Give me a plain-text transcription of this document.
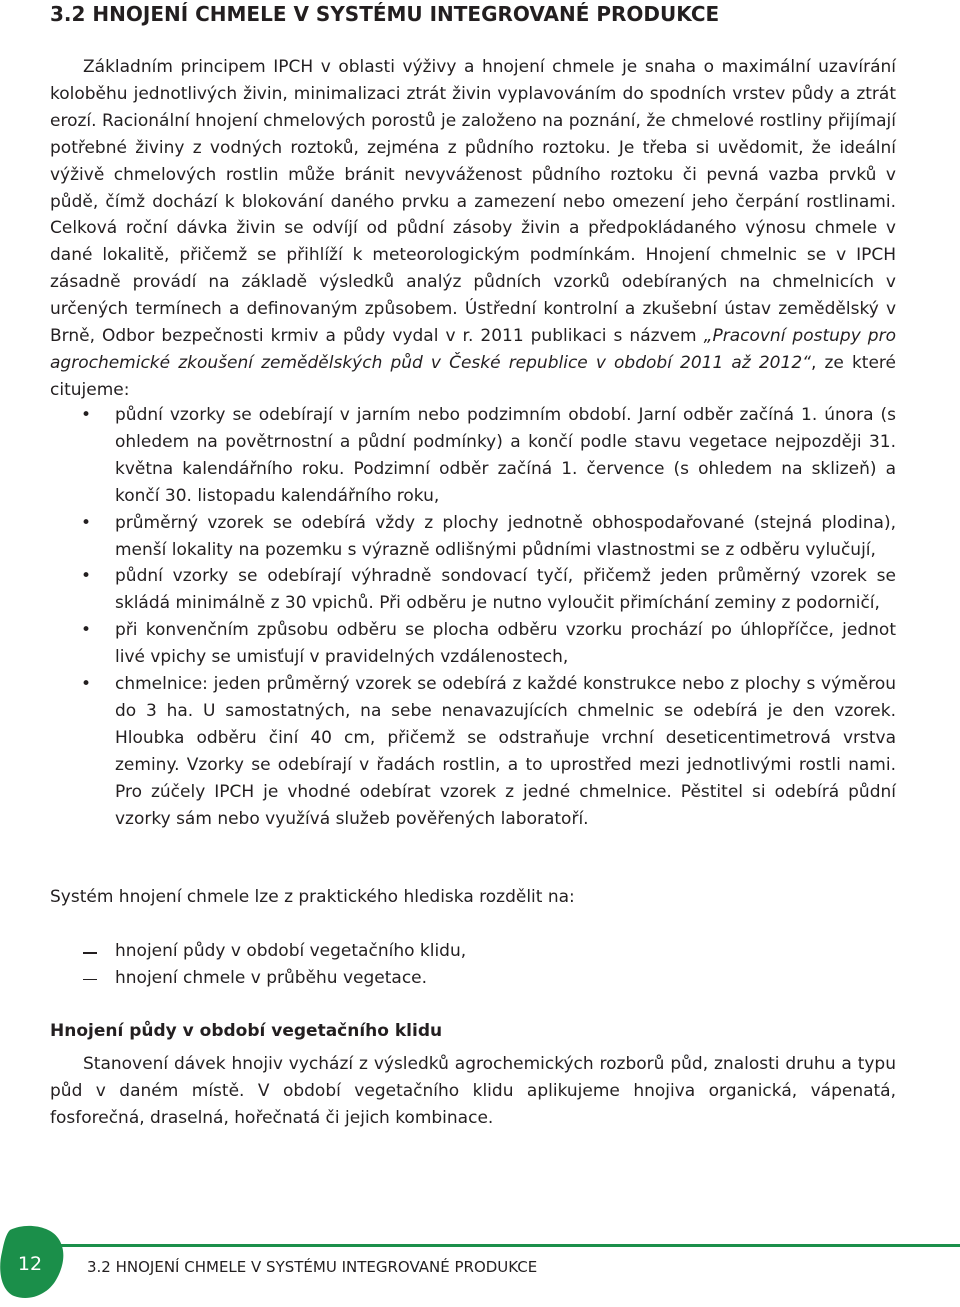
3.2 HNOJENÍ CHMELE V SYSTÉMU INTEGROVANÉ PRODUKCE

Základním principem IPCH v oblasti výživy a hnojení chmele je snaha o maximální uzavírání koloběhu jednotlivých živin, minimalizaci ztrát živin vyplavováním do spodních vrstev půdy a ztrát erozí. Racionální hnojení chmelových porostů je založeno na poznání, že chmelové rostliny přijímají potřebné živiny z vodných roztoků, zejména z půdního roztoku. Je třeba si uvědomit, že ideální výživě chmelových rostlin může bránit nevyváženost půdního roztoku či pevná vazba prvků v půdě, čímž dochází k blokování daného prvku a zamezení nebo omezení jeho čerpání rostlinami. Celková roční dávka živin se odvíjí od půdní zásoby živin a předpokládaného výnosu chmele v dané lokalitě, přičemž se přihlíží k meteorologickým podmínkám. Hnojení chmelnic se v IPCH zásadně provádí na základě výsledků analýz půdních vzorků odebíraných na chmelnicích v určených termínech a definovaným způsobem. Ústřední kontrolní a zkušební ústav zemědělský v Brně, Odbor bezpečnosti krmiv a půdy vydal v r. 2011 publikaci s názvem „Pracovní postupy pro agrochemické zkoušení zemědělských půd v České republice v období 2011 až 2012“, ze které citujeme:

• půdní vzorky se odebírají v jarním nebo podzimním období. Jarní odběr začíná 1. února (s ohledem na povětrnostní a půdní podmínky) a končí podle stavu vegetace nejpozději 31. května kalendářního roku. Podzimní odběr začíná 1. července (s ohledem na sklizeň) a končí 30. listopadu kalendářního roku,
• průměrný vzorek se odebírá vždy z plochy jednotně obhospodařované (stejná plodina), menší lokality na pozemku s výrazně odlišnými půdními vlastnostmi se z odběru vylučují,
• půdní vzorky se odebírají výhradně sondovací tyčí, přičemž jeden průměrný vzorek se skládá minimálně z 30 vpichů. Při odběru je nutno vyloučit přimíchání zeminy z podorničí,
• při konvenčním způsobu odběru se plocha odběru vzorku prochází po úhlopříčce, jednot livé vpichy se umisťují v pravidelných vzdálenostech,
• chmelnice: jeden průměrný vzorek se odebírá z každé konstrukce nebo z plochy s výměrou do 3 ha. U samostatných, na sebe nenavazujících chmelnic se odebírá je den vzorek. Hloubka odběru činí 40 cm, přičemž se odstraňuje vrchní deseticentimetrová vrstva zeminy. Vzorky se odebírají v řadách rostlin, a to uprostřed mezi jednotlivými rostli nami. Pro zúčely IPCH je vhodné odebírat vzorek z jedné chmelnice. Pěstitel si odebírá půdní vzorky sám nebo využívá služeb pověřených laboratoří.

Systém hnojení chmele lze z praktického hlediska rozdělit na:

hnojení půdy v období vegetačního klidu,
hnojení chmele v průběhu vegetace.
Hnojení půdy v období vegetačního klidu

Stanovení dávek hnojiv vychází z výsledků agrochemických rozborů půd, znalosti druhu a typu půd v daném místě. V období vegetačního klidu aplikujeme hnojiva organická, vápenatá, fosforečná, draselná, hořečnatá či jejich kombinace.

12	3.2 HNOJENÍ CHMELE V SYSTÉMU INTEGROVANÉ PRODUKCE
